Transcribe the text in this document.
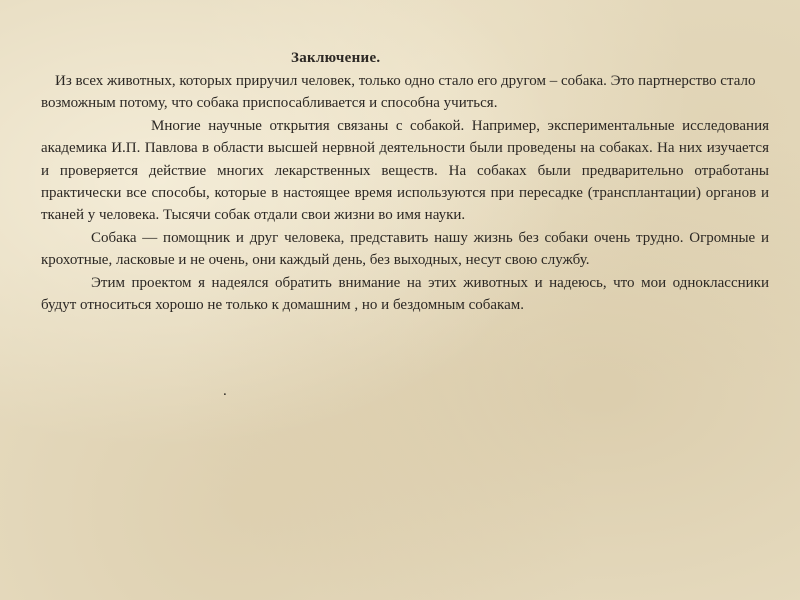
Заключение.

Из всех животных, которых приручил человек, только одно стало его другом – собака. Это партнерство стало возможным потому, что собака приспосабливается и способна учиться.

Многие научные открытия связаны с собакой. Например, экспериментальные исследования академика И.П. Павлова в области высшей нервной деятельности были проведены на собаках. На них изучается и проверяется действие многих лекарственных веществ. На собаках были предварительно отработаны практически все способы, которые в настоящее время используются при пересадке (трансплантации) органов и тканей у человека. Тысячи собак отдали свои жизни во имя науки.

Собака — помощник и друг человека, представить нашу жизнь без собаки очень трудно. Огромные и крохотные, ласковые и не очень, они каждый день, без выходных, несут свою службу.

Этим проектом я надеялся обратить внимание на этих животных и надеюсь, что мои одноклассники будут относиться хорошо не только к домашним , но и бездомным собакам.

.
